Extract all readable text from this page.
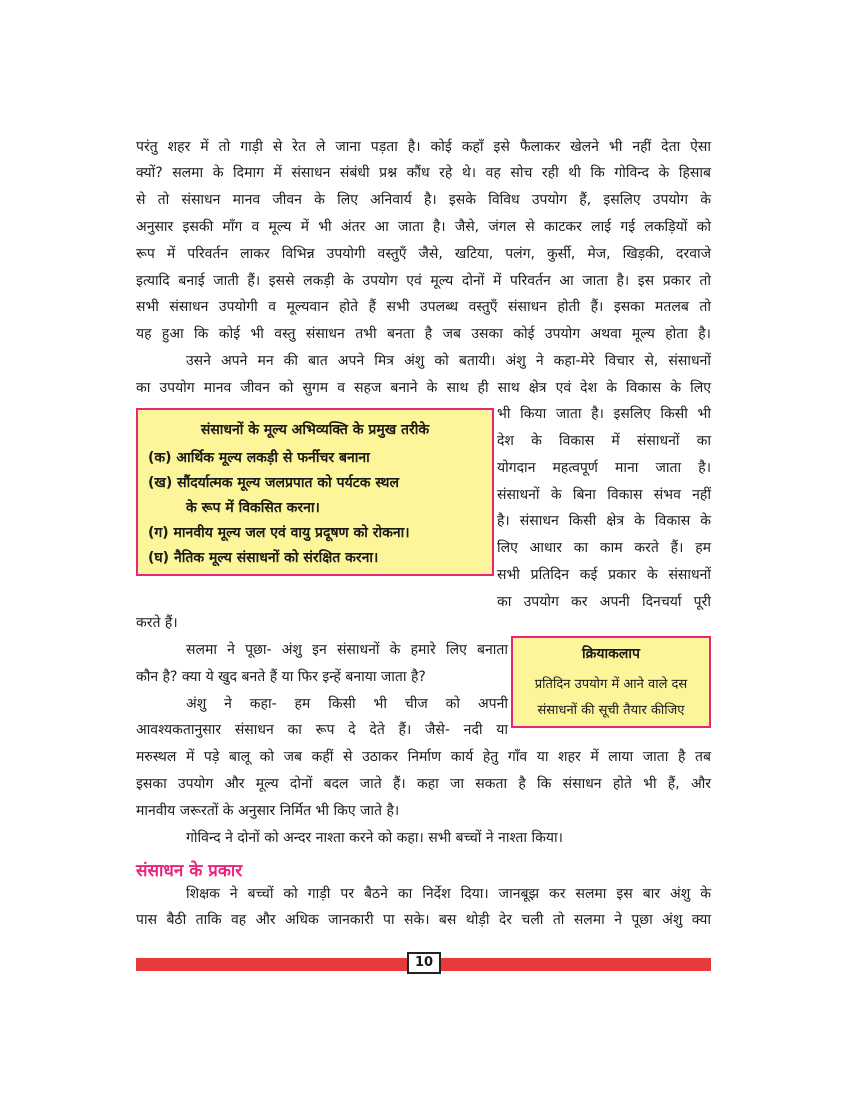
परंतु शहर में तो गाड़ी से रेत ले जाना पड़ता है। कोई कहाँ इसे फैलाकर खेलने भी नहीं देता ऐसा
क्यों? सलमा के दिमाग में संसाधन संबंधी प्रश्न कौंध रहे थे। वह सोच रही थी कि गोविन्द के हिसाब
से तो संसाधन मानव जीवन के लिए अनिवार्य है। इसके विविध उपयोग हैं, इसलिए उपयोग के
अनुसार इसकी माँग व मूल्य में भी अंतर आ जाता है। जैसे, जंगल से काटकर लाई गई लकड़ियों को
रूप में परिवर्तन लाकर विभिन्न उपयोगी वस्तुएँ जैसे, खटिया, पलंग, कुर्सी, मेज, खिड़की, दरवाजे
इत्यादि बनाई जाती हैं। इससे लकड़ी के उपयोग एवं मूल्य दोनों में परिवर्तन आ जाता है। इस प्रकार तो
सभी संसाधन उपयोगी व मूल्यवान होते हैं सभी उपलब्ध वस्तुएँ संसाधन होती हैं। इसका मतलब तो
यह हुआ कि कोई भी वस्तु संसाधन तभी बनता है जब उसका कोई उपयोग अथवा मूल्य होता है।
उसने अपने मन की बात अपने मित्र अंशु को बतायी। अंशु ने कहा-मेरे विचार से, संसाधनों
का उपयोग मानव जीवन को सुगम व सहज बनाने के साथ ही साथ क्षेत्र एवं देश के विकास के लिए
संसाधनों के मूल्य अभिव्यक्ति के प्रमुख तरीके
(क) आर्थिक मूल्य लकड़ी से फर्नीचर बनाना
(ख) सौंदर्यात्मक मूल्य जलप्रपात को पर्यटक स्थल
के रूप में विकसित करना।
(ग) मानवीय मूल्य जल एवं वायु प्रदूषण को रोकना।
(घ) नैतिक मूल्य संसाधनों को संरक्षित करना।
भी किया जाता है। इसलिए किसी भी
देश के विकास में संसाधनों का
योगदान महत्वपूर्ण माना जाता है।
संसाधनों के बिना विकास संभव नहीं
है। संसाधन किसी क्षेत्र के विकास के
लिए आधार का काम करते हैं। हम
सभी प्रतिदिन कई प्रकार के संसाधनों
का उपयोग कर अपनी दिनचर्या पूरी
करते हैं।
सलमा ने पूछा- अंशु इन संसाधनों के हमारे लिए बनाता
कौन है? क्या ये खुद बनते हैं या फिर इन्हें बनाया जाता है?
अंशु ने कहा- हम किसी भी चीज को अपनी
आवश्यकतानुसार संसाधन का रूप दे देते हैं। जैसे- नदी या
क्रियाकलाप
प्रतिदिन उपयोग में आने वाले दस
संसाधनों की सूची तैयार कीजिए
मरुस्थल में पड़े बालू को जब कहीं से उठाकर निर्माण कार्य हेतु गाँव या शहर में लाया जाता है तब
इसका उपयोग और मूल्य दोनों बदल जाते हैं। कहा जा सकता है कि संसाधन होते भी हैं, और
मानवीय जरूरतों के अनुसार निर्मित भी किए जाते है।
गोविन्द ने दोनों को अन्दर नाश्ता करने को कहा। सभी बच्चों ने नाश्ता किया।
संसाधन के प्रकार
शिक्षक ने बच्चों को गाड़ी पर बैठने का निर्देश दिया। जानबूझ कर सलमा इस बार अंशु के
पास बैठी ताकि वह और अधिक जानकारी पा सके। बस थोड़ी देर चली तो सलमा ने पूछा अंशु क्या
10
